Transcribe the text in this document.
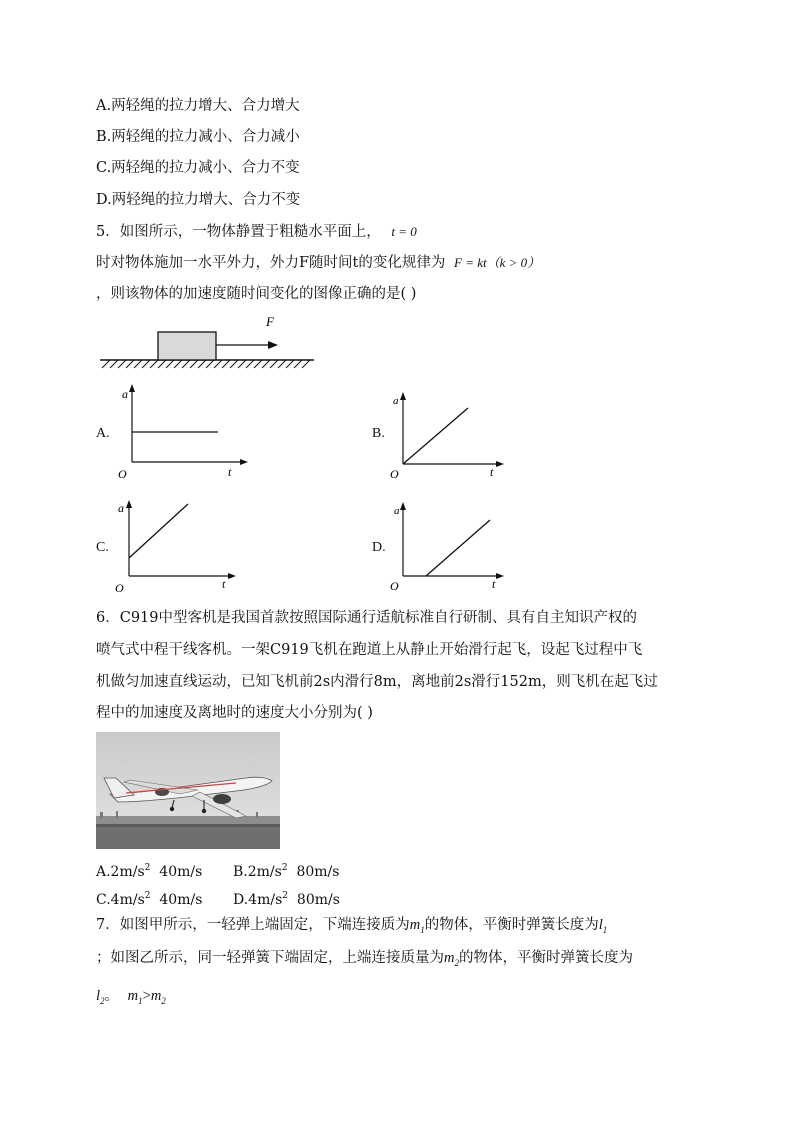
A.两轻绳的拉力增大、合力增大
B.两轻绳的拉力减小、合力减小
C.两轻绳的拉力减小、合力不变
D.两轻绳的拉力增大、合力不变
5．如图所示，一物体静置于粗糙水平面上， t = 0
时对物体施加一水平外力，外力F随时间t的变化规律为 F = kt（k > 0）
，则该物体的加速度随时间变化的图像正确的是( )
F
A.
a
t
O
B.
a
t
O
C.
a
t
O
D.
a
t
O
6．C919中型客机是我国首款按照国际通行适航标准自行研制、具有自主知识产权的
喷气式中程干线客机。一架C919飞机在跑道上从静止开始滑行起飞，设起飞过程中飞
机做匀加速直线运动，已知飞机前2s内滑行8m，离地前2s滑行152m，则飞机在起飞过
程中的加速度及离地时的速度大小分别为( )
$A.2m/s^2$ 40m/s $B.2m/s^2$ 80m/s
$C.4m/s^2$ 40m/s $D.4m/s^2$ 80m/s
7．如图甲所示，一轻弹上端固定，下端连接质为$m_1$的物体，平衡时弹簧长度为$l_1$
；如图乙所示，同一轻弹簧下端固定，上端连接质量为$m_2$的物体，平衡时弹簧长度为
$l_2$。 $m_1>m_2$
